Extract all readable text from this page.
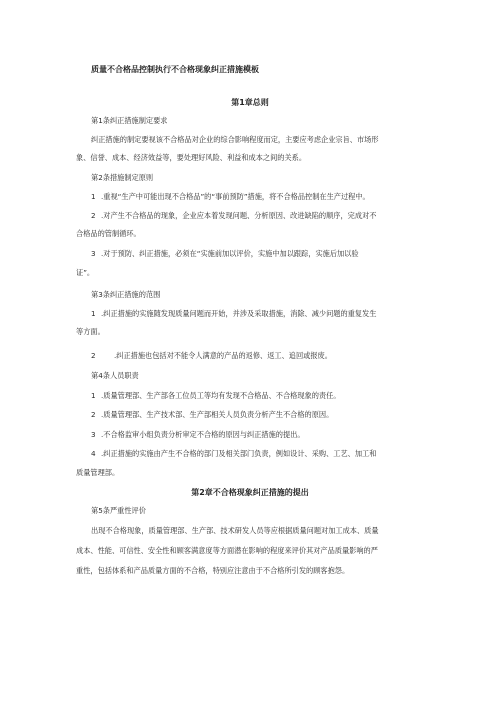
质量不合格品控制执行不合格现象纠正措施模板
第1章总则
第1条纠正措施制定要求
纠正措施的制定要视该不合格品对企业的综合影响程度而定，主要应考虑企业宗旨、市场形
象、信誉、成本、经济效益等，要处理好风险、利益和成本之间的关系。
第2条措施制定原则
1 .重视“生产中可能出现不合格品”的“事前预防”措施，将不合格品控制在生产过程中。
2 .对产生不合格品的现象，企业应本着发现问题、分析原因、改进缺陷的顺序，完成对不
合格品的管制循环。
3 .对于预防、纠正措施，必须在“实施前加以评价，实施中加以跟踪，实施后加以验
证”。
第3条纠正措施的范围
1 .纠正措施的实施随发现质量问题而开始，并涉及采取措施，消除、减少问题的重复发生
等方面。
2	.纠正措施也包括对不能令人满意的产品的返修、返工、追回或报废。
第4条人员职责
1 .质量管理部、生产部各工位员工等均有发现不合格品、不合格现象的责任。
2 .质量管理部、生产技术部、生产部相关人员负责分析产生不合格的原因。
3 .不合格监审小组负责分析审定不合格的原因与纠正措施的提出。
4 .纠正措施的实施由产生不合格的部门及相关部门负责，例如设计、采购、工艺、加工和
质量管理部。
第2章不合格现象纠正措施的提出
第5条严重性评价
出现不合格现象，质量管理部、生产部、技术研发人员等应根据质量问题对加工成本、质量
成本、性能、可信性、安全性和顾客满意度等方面潜在影响的程度来评价其对产品质量影响的严
重性，包括体系和产品质量方面的不合格，特别应注意由于不合格所引发的顾客抱怨。
